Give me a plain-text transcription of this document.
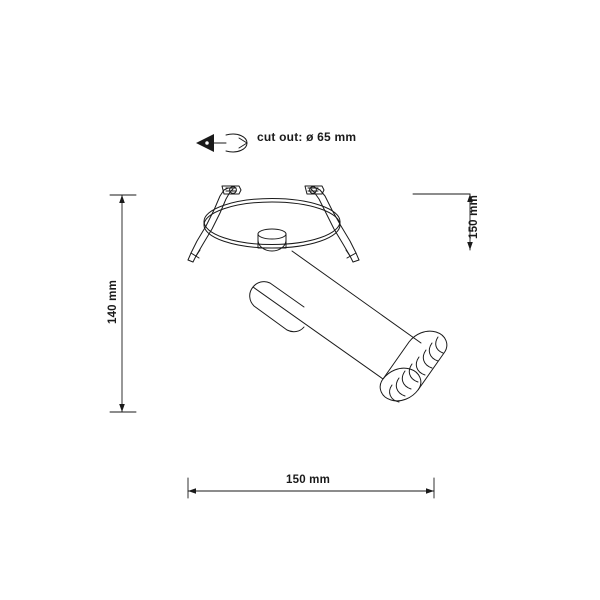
cut out: ø 65 mm
150 mm
140 mm
150 mm
